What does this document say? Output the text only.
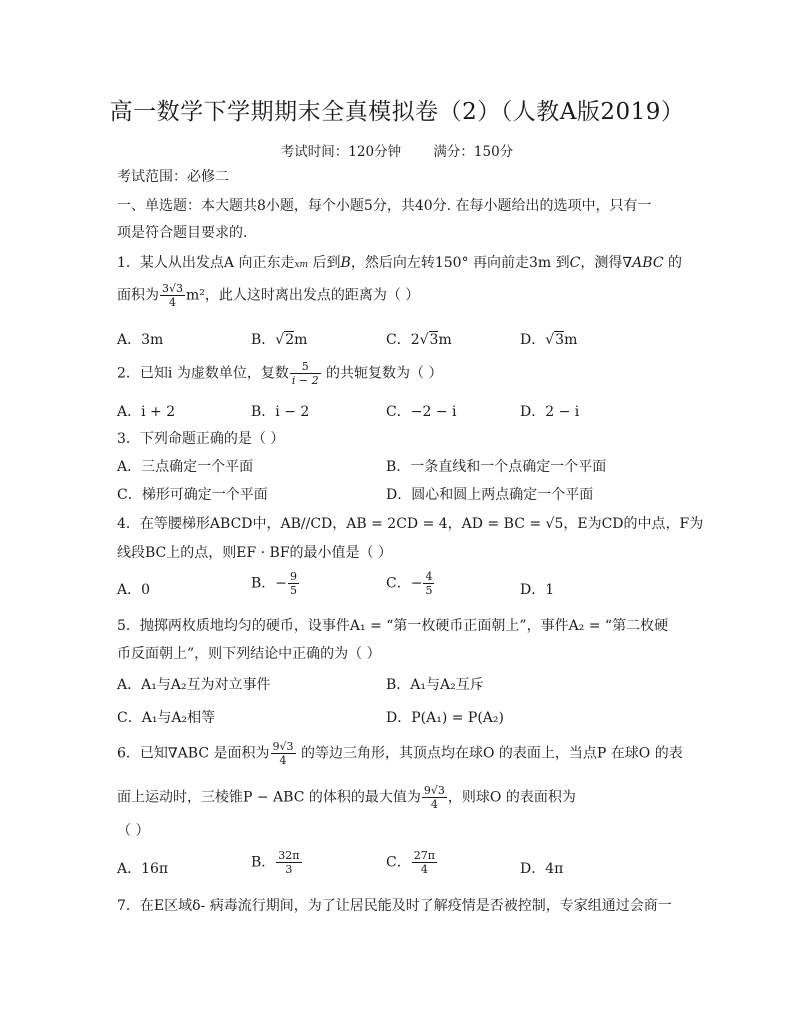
高一数学下学期期末全真模拟卷（2）（人教A版2019）
考试时间：120分钟 满分：150分
考试范围：必修二
一、单选题：本大题共8小题，每个小题5分，共40分. 在每小题给出的选项中，只有一
项是符合题目要求的.
1．某人从出发点A 向正东走xm 后到B，然后向左转150° 再向前走3m 到C，测得∇ABC 的
面积为 $\frac{3√3}{4} m^2$，此人这时离出发点的距离为（ ）
A．3m	B．√2m	C．2√3m	D．√3m
2．已知i 为虚数单位，复数 $\frac{5}{i - 2}$ 的共轭复数为（ ）
A．i + 2	B．i − 2	C．−2 − i	D．2 − i
3．下列命题正确的是（ ）
A．三点确定一个平面	B．一条直线和一个点确定一个平面
C．梯形可确定一个平面	D．圆心和圆上两点确定一个平面
4．在等腰梯形ABCD中，AB//CD，AB = 2CD = 4，AD = BC = √5，E为CD的中点，F为
线段BC上的点，则EF · BF的最小值是（ ）
A．0	B．− $\frac{9}{5}$	C．− $\frac{4}{5}$	D．1
5．抛掷两枚质地均匀的硬币，设事件A₁ = “第一枚硬币正面朝上”，事件A₂ = “第二枚硬
币反面朝上”，则下列结论中正确的为（ ）
A．A₁与A₂互为对立事件	B．A₁与A₂互斥
C．A₁与A₂相等	D．P(A₁) = P(A₂)
6．已知∇ABC 是面积为 $\frac{9√3}{4}$ 的等边三角形，其顶点均在球O 的表面上，当点P 在球O 的表
面上运动时，三棱锥P − ABC 的体积的最大值为 $\frac{9√3}{4}$ ，则球O 的表面积为
（ ）
A．16π	B． $\frac{32\pi}{3}$	C． $\frac{27\pi}{4}$	D．4π
7．在E区域δ- 病毒流行期间，为了让居民能及时了解疫情是否被控制，专家组通过会商一
